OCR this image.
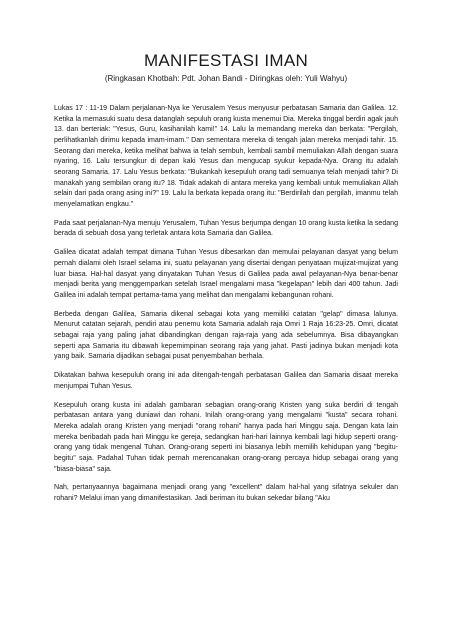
MANIFESTASI IMAN

(Ringkasan Khotbah: Pdt. Johan Bandi - Diringkas oleh: Yuli Wahyu)

Lukas 17 : 11-19 Dalam perjalanan-Nya ke Yerusalem Yesus menyusur perbatasan Samaria dan Galilea. 12. Ketika la memasuki suatu desa datanglah sepuluh orang kusta menemui Dia. Mereka tinggal berdiri agak jauh 13. dan berteriak: "Yesus, Guru, kasihanilah kami!" 14. Lalu la memandang mereka dan berkata: "Pergilah, perlihatkanlah dirimu kepada imam-imam." Dan sementara mereka di tengah jalan mereka menjadi tahir. 15. Seorang dari mereka, ketika melihat bahwa ia telah sembuh, kembali sambil memuliakan Allah dengan suara nyaring, 16. Lalu tersungkur di depan kaki Yesus dan mengucap syukur kepada-Nya. Orang itu adalah seorang Samaria. 17. Lalu Yesus berkata: "Bukankah kesepuluh orang tadi semuanya telah menjadi tahir? Di manakah yang sembilan orang itu? 18. Tidak adakah di antara mereka yang kembali untuk memuliakan Allah selain dari pada orang asing ini?" 19. Lalu la berkata kepada orang itu: "Berdirilah dan pergilah, imanmu telah menyelamatkan engkau."

Pada saat perjalanan-Nya menuju Yerusalem, Tuhan Yesus berjumpa dengan 10 orang kusta ketika la sedang berada di sebuah dosa yang terletak antara kota Samaria dan Galilea.

Galilea dicatat adalah tempat dimana Tuhan Yesus dibesarkan dan memulai pelayanan dasyat yang belum pernah dialami oleh Israel selama ini, suatu pelayanan yang disertai dengan penyataan mujizat-mujizat yang luar biasa. Hal-hal dasyat yang dinyatakan Tuhan Yesus di Galilea pada awal pelayanan-Nya benar-benar menjadi berita yang menggemparkan setelah Israel mengalami masa "kegelapan" lebih dari 400 tahun. Jadi Galilea ini adalah tempat pertama-tama yang melihat dan mengalami kebangunan rohani.

Berbeda dengan Galilea, Samaria dikenal sebagai kota yang memiliki catatan "gelap" dimasa lalunya. Menurut catatan sejarah, pendiri atau penemu kota Samaria adalah raja Omri 1 Raja 16:23-25. Omri, dicatat sebagai raja yang paling jahat dibandingkan dengan raja-raja yang ada sebelumnya. Bisa dibayangkan seperti apa Samaria itu dibawah kepemimpinan seorang raja yang jahat. Pasti jadinya bukan menjadi kota yang baik. Samaria dijadikan sebagai pusat penyembahan berhala.

Dikatakan bahwa kesepuluh orang ini ada ditengah-tengah perbatasan Galilea dan Samaria disaat mereka menjumpai Tuhan Yesus.

Kesepuluh orang kusta ini adalah gambaran sebagian orang-orang Kristen yang suka berdiri di tengah perbatasan antara yang duniawi dan rohani. Inilah orang-orang yang mengalami "kusta" secara rohani. Mereka adalah orang Kristen yang menjadi "orang rohani" hanya pada hari Minggu saja. Dengan kata lain mereka beribadah pada hari Minggu ke gereja, sedangkan hari-hari lainnya kembali lagi hidup seperti orang-orang yang tidak mengenal Tuhan. Orang-orang seperti ini biasanya lebih memilih kehidupan yang "begitu-begitu" saja. Padahal Tuhan tidak pernah merencanakan orang-orang percaya hidup sebagai orang yang "biasa-biasa" saja.

Nah, pertanyaannya bagaimana menjadi orang yang "excellent" dalam hal-hal yang sifatnya sekuler dan rohani? Melalui iman yang dimanifestasikan. Jadi beriman itu bukan sekedar bilang "Aku
